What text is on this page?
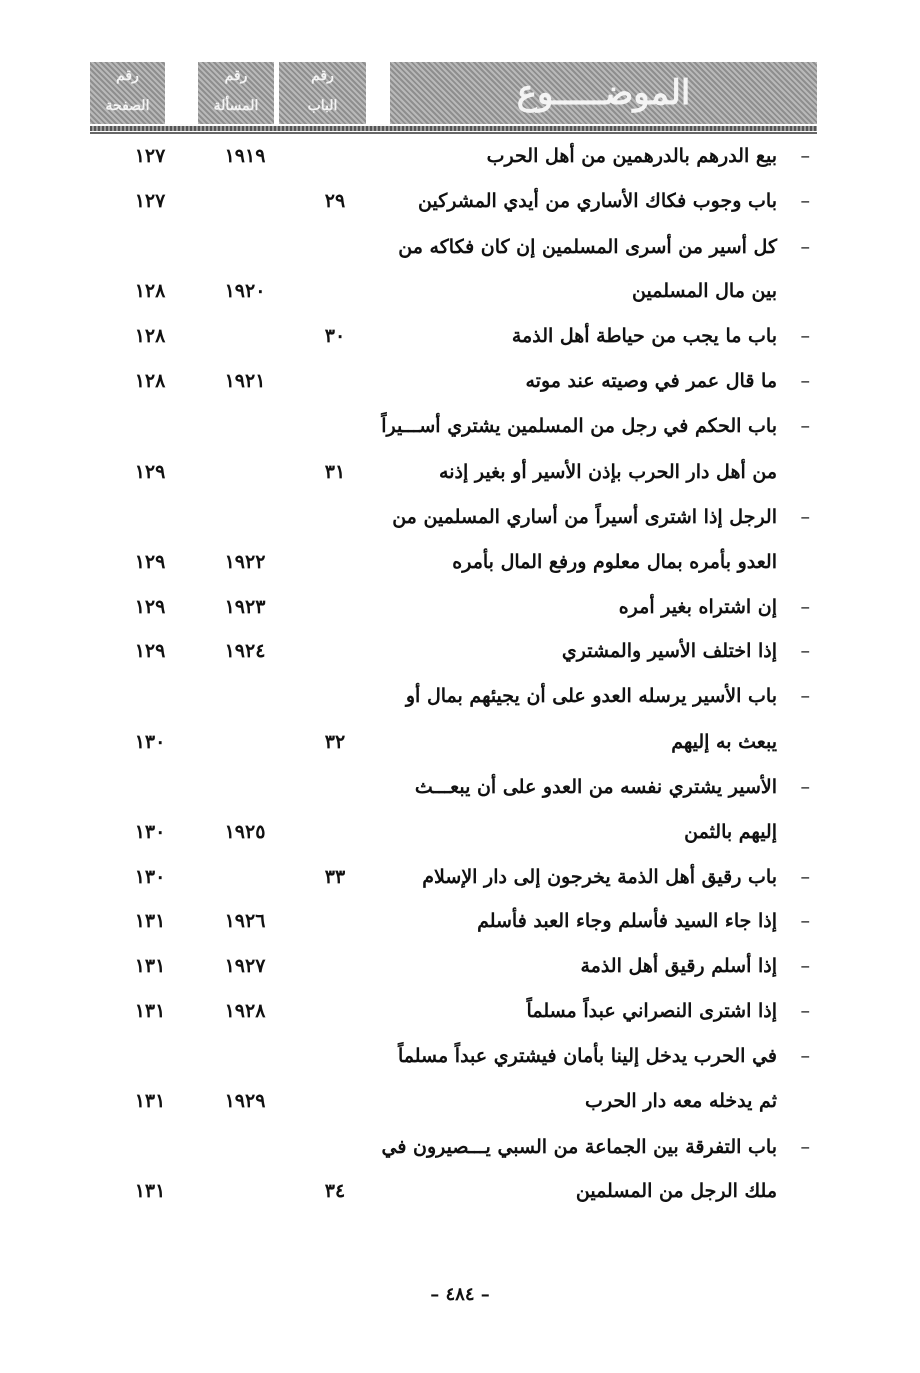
رقم
الصفحة
رقم
المسألة
رقم
الباب	الموضـــــوع
–
بيع الدرهم بالدرهمين من أهل الحرب
١٩١٩
١٢٧
–
باب وجوب فكاك الأساري من أيدي المشركين
٢٩
١٢٧
–
كل أسير من أسرى المسلمين إن كان فكاكه من
بين مال المسلمين
١٩٢٠
١٢٨
–
باب ما يجب من حياطة أهل الذمة
٣٠
١٢٨
–
ما قال عمر في وصيته عند موته
١٩٢١
١٢٨
–
باب الحكم في رجل من المسلمين يشتري أســـيراً
من أهل دار الحرب بإذن الأسير أو بغير إذنه
٣١
١٢٩
–
الرجل إذا اشترى أسيراً من أساري المسلمين من
العدو بأمره بمال معلوم ورفع المال بأمره
١٩٢٢
١٢٩
–
إن اشتراه بغير أمره
١٩٢٣
١٢٩
–
إذا اختلف الأسير والمشتري
١٩٢٤
١٢٩
–
باب الأسير يرسله العدو على أن يجيئهم بمال أو
يبعث به إليهم
٣٢
١٣٠
–
الأسير يشتري نفسه من العدو على أن يبعـــث
إليهم بالثمن
١٩٢٥
١٣٠
–
باب رقيق أهل الذمة يخرجون إلى دار الإسلام
٣٣
١٣٠
–
إذا جاء السيد فأسلم وجاء العبد فأسلم
١٩٢٦
١٣١
–
إذا أسلم رقيق أهل الذمة
١٩٢٧
١٣١
–
إذا اشترى النصراني عبداً مسلماً
١٩٢٨
١٣١
–
في الحرب يدخل إلينا بأمان فيشتري عبداً مسلماً
ثم يدخله معه دار الحرب
١٩٢٩
١٣١
–
باب التفرقة بين الجماعة من السبي يـــصيرون في
ملك الرجل من المسلمين
٣٤
١٣١
– ٤٨٤ –
